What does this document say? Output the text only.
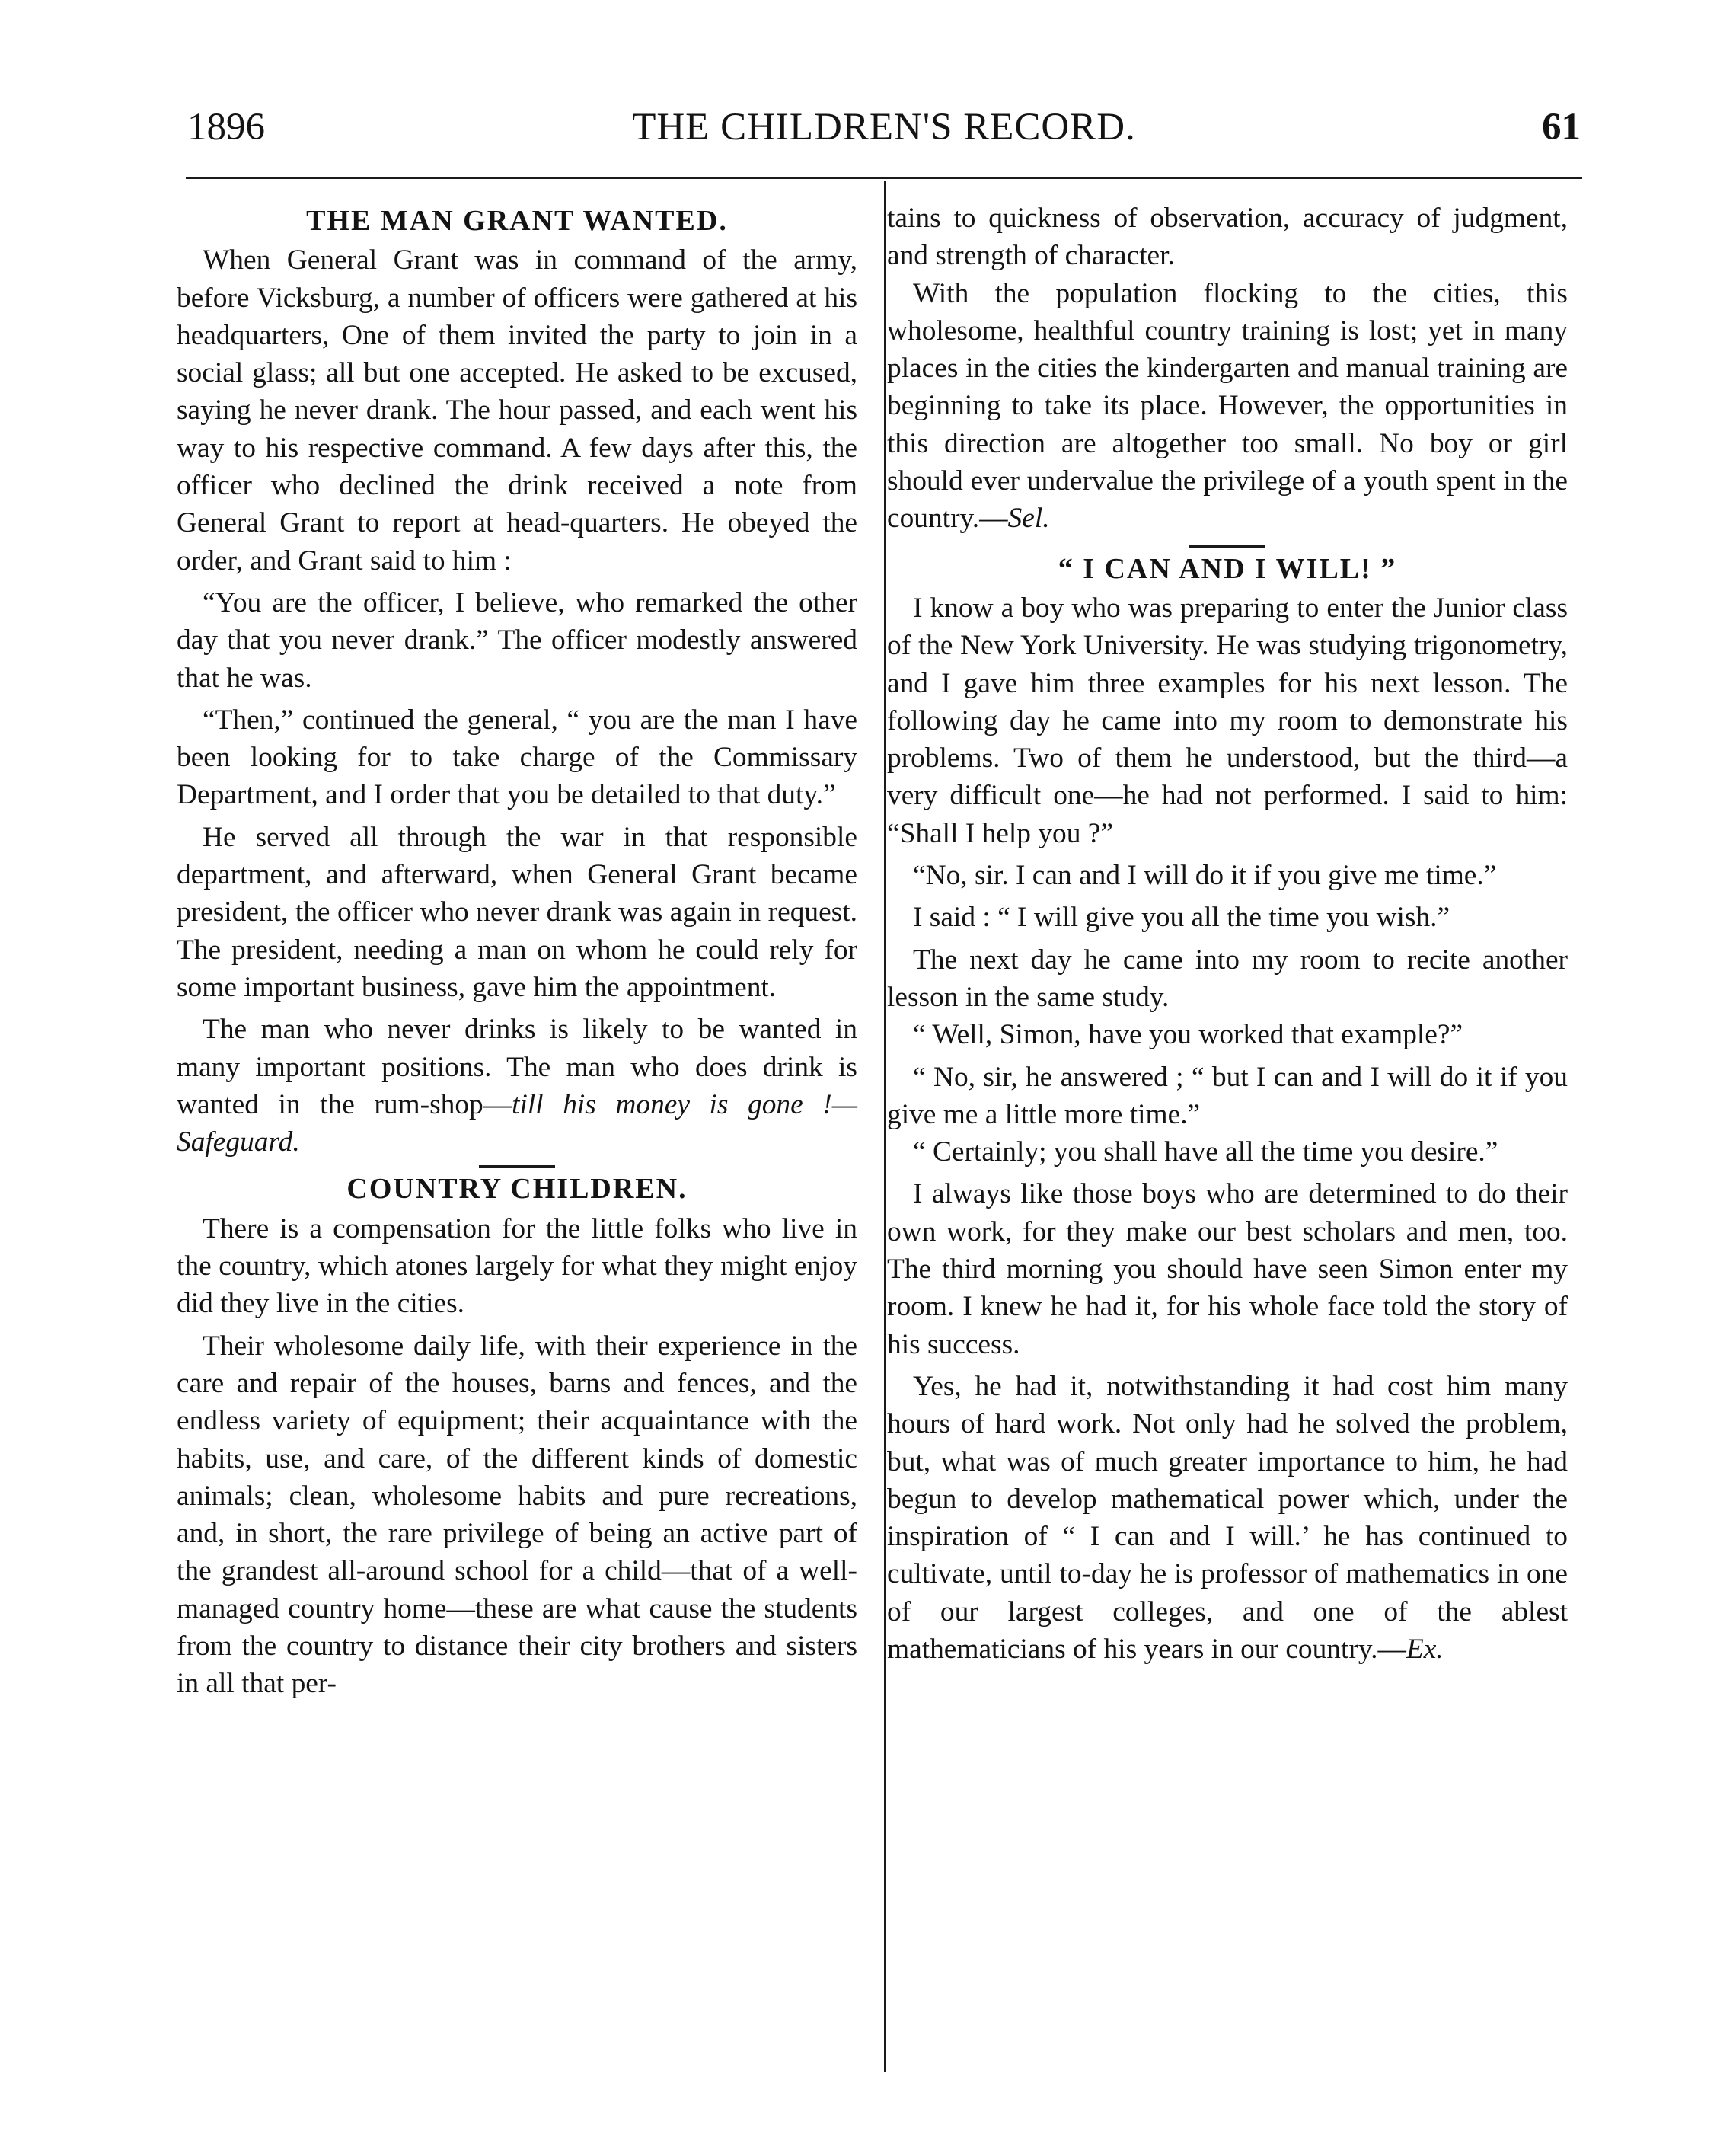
1896	THE CHILDREN'S RECORD.	61
THE MAN GRANT WANTED.

When General Grant was in command of the army, before Vicksburg, a number of officers were gathered at his headquarters, One of them invited the party to join in a social glass; all but one accepted. He asked to be excused, saying he never drank. The hour passed, and each went his way to his respective command. A few days after this, the officer who declined the drink received a note from General Grant to report at head-quarters. He obeyed the order, and Grant said to him :

“You are the officer, I believe, who remarked the other day that you never drank.” The officer modestly answered that he was.

“Then,” continued the general, “ you are the man I have been looking for to take charge of the Commissary Department, and I order that you be detailed to that duty.”

He served all through the war in that responsible department, and afterward, when General Grant became president, the officer who never drank was again in request. The president, needing a man on whom he could rely for some important business, gave him the appointment.

The man who never drinks is likely to be wanted in many important positions. The man who does drink is wanted in the rum-shop—till his money is gone !—Safeguard.

COUNTRY CHILDREN.

There is a compensation for the little folks who live in the country, which atones largely for what they might enjoy did they live in the cities.

Their wholesome daily life, with their experience in the care and repair of the houses, barns and fences, and the endless variety of equipment; their acquaintance with the habits, use, and care, of the different kinds of domestic animals; clean, wholesome habits and pure recreations, and, in short, the rare privilege of being an active part of the grandest all-around school for a child—that of a well-managed country home—these are what cause the students from the country to distance their city brothers and sisters in all that per-

tains to quickness of observation, accuracy of judgment, and strength of character.

With the population flocking to the cities, this wholesome, healthful country training is lost; yet in many places in the cities the kindergarten and manual training are beginning to take its place. However, the opportunities in this direction are altogether too small. No boy or girl should ever undervalue the privilege of a youth spent in the country.—Sel.

“ I CAN AND I WILL! ”

I know a boy who was preparing to enter the Junior class of the New York University. He was studying trigonometry, and I gave him three examples for his next lesson. The following day he came into my room to demonstrate his problems. Two of them he understood, but the third—a very difficult one—he had not performed. I said to him: “Shall I help you ?”

“No, sir. I can and I will do it if you give me time.”

I said : “ I will give you all the time you wish.”

The next day he came into my room to recite another lesson in the same study.

“ Well, Simon, have you worked that example?”

“ No, sir, he answered ; “ but I can and I will do it if you give me a little more time.”

“ Certainly; you shall have all the time you desire.”

I always like those boys who are determined to do their own work, for they make our best scholars and men, too. The third morning you should have seen Simon enter my room. I knew he had it, for his whole face told the story of his success.

Yes, he had it, notwithstanding it had cost him many hours of hard work. Not only had he solved the problem, but, what was of much greater importance to him, he had begun to develop mathematical power which, under the inspiration of “ I can and I will.’ he has continued to cultivate, until to-day he is professor of mathematics in one of our largest colleges, and one of the ablest mathematicians of his years in our country.—Ex.
